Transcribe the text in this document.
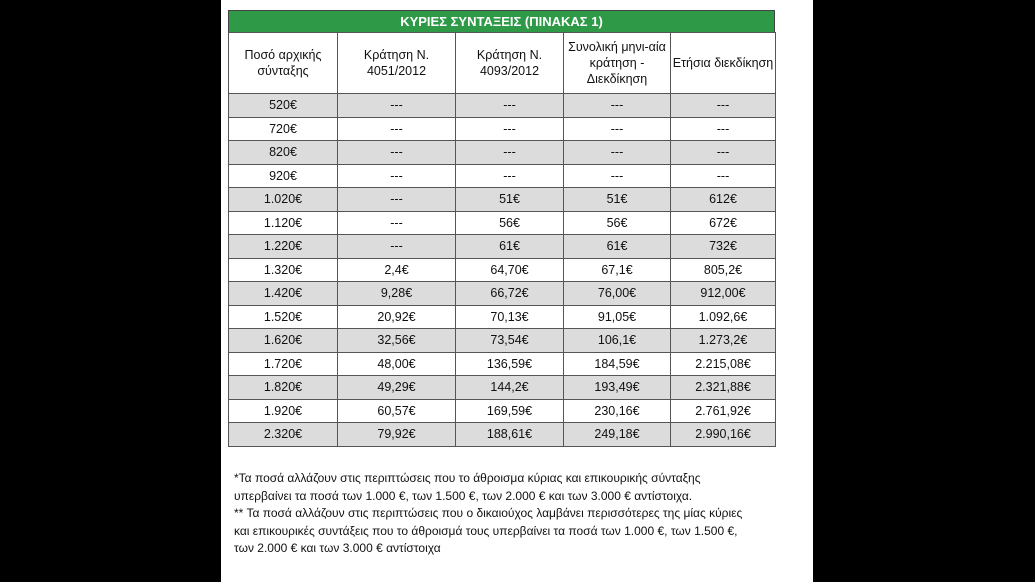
ΚΥΡΙΕΣ ΣΥΝΤΑΞΕΙΣ (ΠΙΝΑΚΑΣ 1)
Ποσό αρχικής σύνταξης	Κράτηση Ν. 4051/2012	Κράτηση Ν. 4093/2012	Συνολική μηνι-αία κράτηση - Διεκδίκηση	Ετήσια διεκδίκηση
520€	---	---	---	---
720€	---	---	---	---
820€	---	---	---	---
920€	---	---	---	---
1.020€	---	51€	51€	612€
1.120€	---	56€	56€	672€
1.220€	---	61€	61€	732€
1.320€	2,4€	64,70€	67,1€	805,2€
1.420€	9,28€	66,72€	76,00€	912,00€
1.520€	20,92€	70,13€	91,05€	1.092,6€
1.620€	32,56€	73,54€	106,1€	1.273,2€
1.720€	48,00€	136,59€	184,59€	2.215,08€
1.820€	49,29€	144,2€	193,49€	2.321,88€
1.920€	60,57€	169,59€	230,16€	2.761,92€
2.320€	79,92€	188,61€	249,18€	2.990,16€

*Τα ποσά αλλάζουν στις περιπτώσεις που το άθροισμα κύριας και επικουρικής σύνταξης υπερβαίνει τα ποσά των 1.000 €, των 1.500 €, των 2.000 € και των 3.000 € αντίστοιχα.

** Τα ποσά αλλάζουν στις περιπτώσεις που ο δικαιούχος λαμβάνει περισσότερες της μίας κύριες και επικουρικές συντάξεις που το άθροισμά τους υπερβαίνει τα ποσά των 1.000 €, των 1.500 €, των 2.000 € και των 3.000 € αντίστοιχα
